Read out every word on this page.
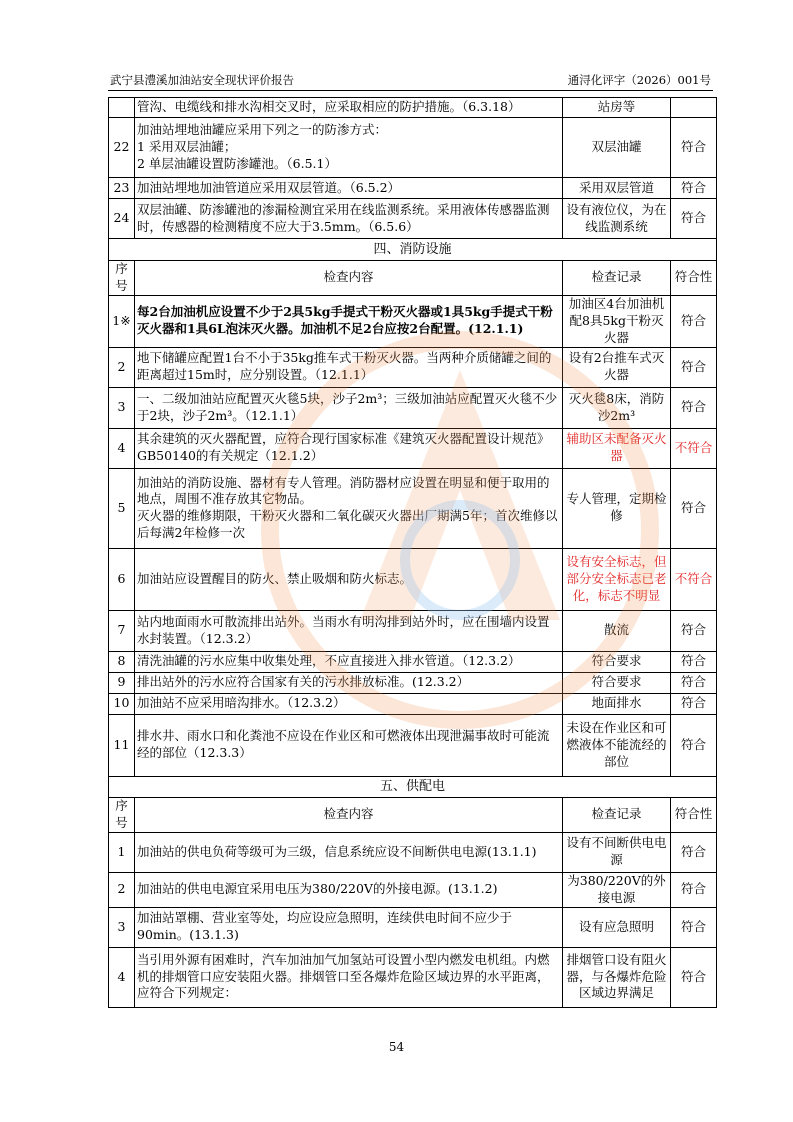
武宁县澧溪加油站安全现状评价报告	通浔化评字（2026）001号
	管沟、电缆线和排水沟相交叉时，应采取相应的防护措施。（6.3.18）	站房等	
22	加油站埋地油罐应采用下列之一的防渗方式：
1 采用双层油罐；
2 单层油罐设置防渗罐池。（6.5.1）	双层油罐	符合
23	加油站埋地加油管道应采用双层管道。（6.5.2）	采用双层管道	符合
24	双层油罐、防渗罐池的渗漏检测宜采用在线监测系统。采用液体传感器监测时，传感器的检测精度不应大于3.5mm。（6.5.6）	设有液位仪，为在线监测系统	符合
四、消防设施			
序号	检查内容	检查记录	符合性
1※	每2台加油机应设置不少于2具5kg手提式干粉灭火器或1具5kg手提式干粉灭火器和1具6L泡沫灭火器。加油机不足2台应按2台配置。(12.1.1)	加油区4台加油机配8具5kg干粉灭火器	符合
2	地下储罐应配置1台不小于35kg推车式干粉灭火器。当两种介质储罐之间的距离超过15m时，应分别设置。（12.1.1）	设有2台推车式灭火器	符合
3	一、二级加油站应配置灭火毯5块，沙子2m³；三级加油站应配置灭火毯不少于2块，沙子2m³。（12.1.1）	灭火毯8床，消防沙2m³	符合
4	其余建筑的灭火器配置，应符合现行国家标准《建筑灭火器配置设计规范》GB50140的有关规定（12.1.2）	辅助区未配备灭火器	不符合
5	加油站的消防设施、器材有专人管理。消防器材应设置在明显和便于取用的地点，周围不准存放其它物品。
灭火器的维修期限，干粉灭火器和二氧化碳灭火器出厂期满5年；首次维修以后每满2年检修一次	专人管理，定期检修	符合
6	加油站应设置醒目的防火、禁止吸烟和防火标志。	设有安全标志，但部分安全标志已老化，标志不明显	不符合
7	站内地面雨水可散流排出站外。当雨水有明沟排到站外时，应在围墙内设置水封装置。（12.3.2）	散流	符合
8	清洗油罐的污水应集中收集处理，不应直接进入排水管道。（12.3.2）	符合要求	符合
9	排出站外的污水应符合国家有关的污水排放标准。(12.3.2）	符合要求	符合
10	加油站不应采用暗沟排水。（12.3.2）	地面排水	符合
11	排水井、雨水口和化粪池不应设在作业区和可燃液体出现泄漏事故时可能流经的部位（12.3.3）	未设在作业区和可燃液体不能流经的部位	符合
五、供配电			
序号	检查内容	检查记录	符合性
1	加油站的供电负荷等级可为三级，信息系统应设不间断供电电源(13.1.1)	设有不间断供电电源	符合
2	加油站的供电电源宜采用电压为380/220V的外接电源。(13.1.2)	为380/220V的外接电源	符合
3	加油站罩棚、营业室等处，均应设应急照明，连续供电时间不应少于90min。(13.1.3)	设有应急照明	符合
4	当引用外源有困难时，汽车加油加气加氢站可设置小型内燃发电机组。内燃机的排烟管口应安装阻火器。排烟管口至各爆炸危险区域边界的水平距离，应符合下列规定：	排烟管口设有阻火器，与各爆炸危险区域边界满足	符合
54
